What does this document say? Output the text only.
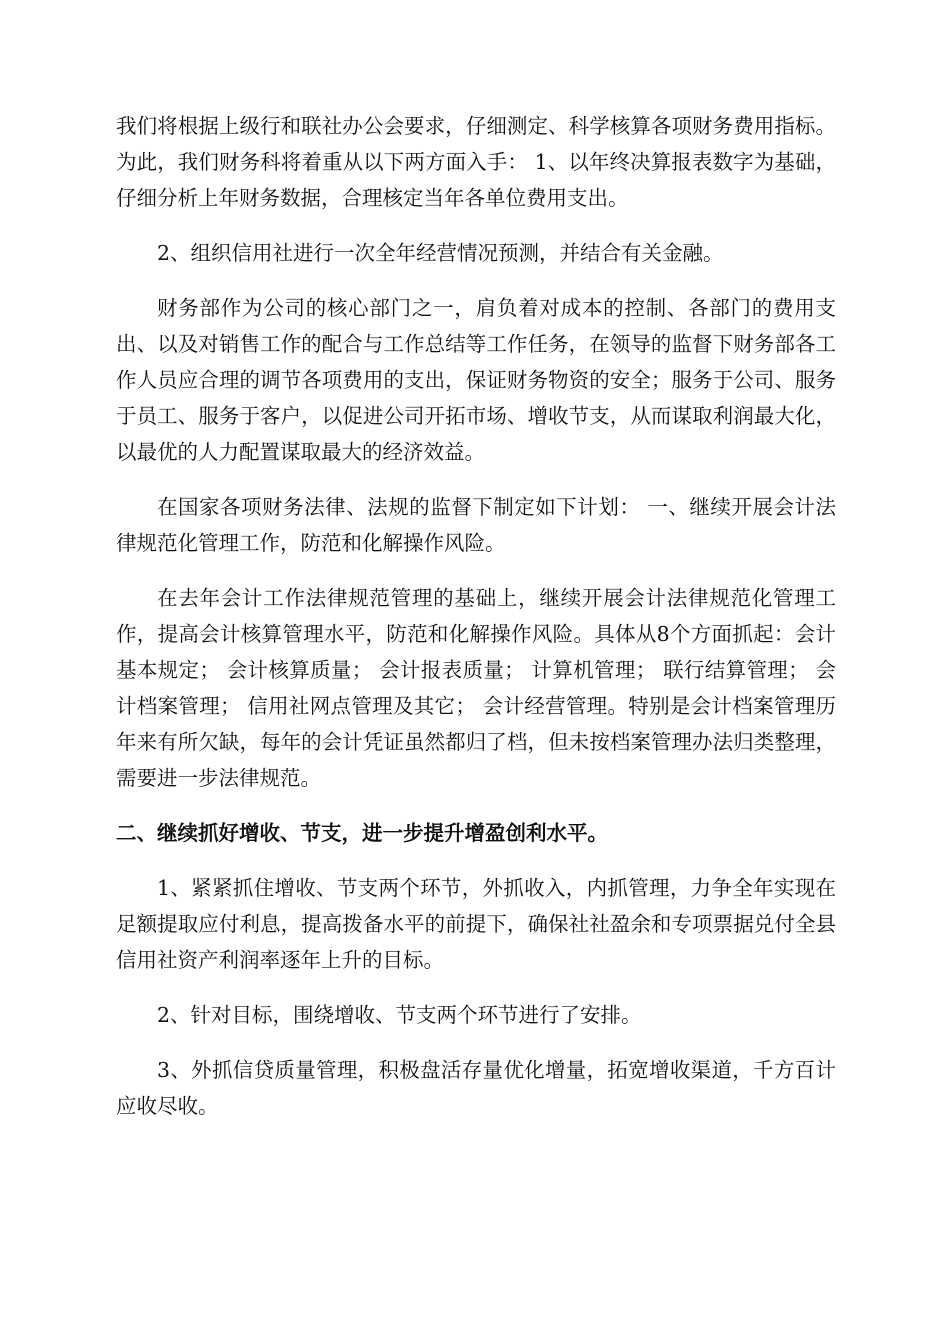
我们将根据上级行和联社办公会要求，仔细测定、科学核算各项财务费用指标。为此，我们财务科将着重从以下两方面入手： 1、以年终决算报表数字为基础，仔细分析上年财务数据，合理核定当年各单位费用支出。

2、组织信用社进行一次全年经营情况预测，并结合有关金融。

财务部作为公司的核心部门之一，肩负着对成本的控制、各部门的费用支出、以及对销售工作的配合与工作总结等工作任务，在领导的监督下财务部各工作人员应合理的调节各项费用的支出，保证财务物资的安全；服务于公司、服务于员工、服务于客户，以促进公司开拓市场、增收节支，从而谋取利润最大化，以最优的人力配置谋取最大的经济效益。

在国家各项财务法律、法规的监督下制定如下计划： 一、继续开展会计法律规范化管理工作，防范和化解操作风险。

在去年会计工作法律规范管理的基础上，继续开展会计法律规范化管理工作，提高会计核算管理水平，防范和化解操作风险。具体从8个方面抓起：会计基本规定； 会计核算质量； 会计报表质量； 计算机管理； 联行结算管理； 会计档案管理； 信用社网点管理及其它； 会计经营管理。特别是会计档案管理历年来有所欠缺，每年的会计凭证虽然都归了档，但未按档案管理办法归类整理，需要进一步法律规范。

二、继续抓好增收、节支，进一步提升增盈创利水平。

1、紧紧抓住增收、节支两个环节，外抓收入，内抓管理，力争全年实现在足额提取应付利息，提高拨备水平的前提下，确保社社盈余和专项票据兑付全县信用社资产利润率逐年上升的目标。

2、针对目标，围绕增收、节支两个环节进行了安排。

3、外抓信贷质量管理，积极盘活存量优化增量，拓宽增收渠道，千方百计应收尽收。
